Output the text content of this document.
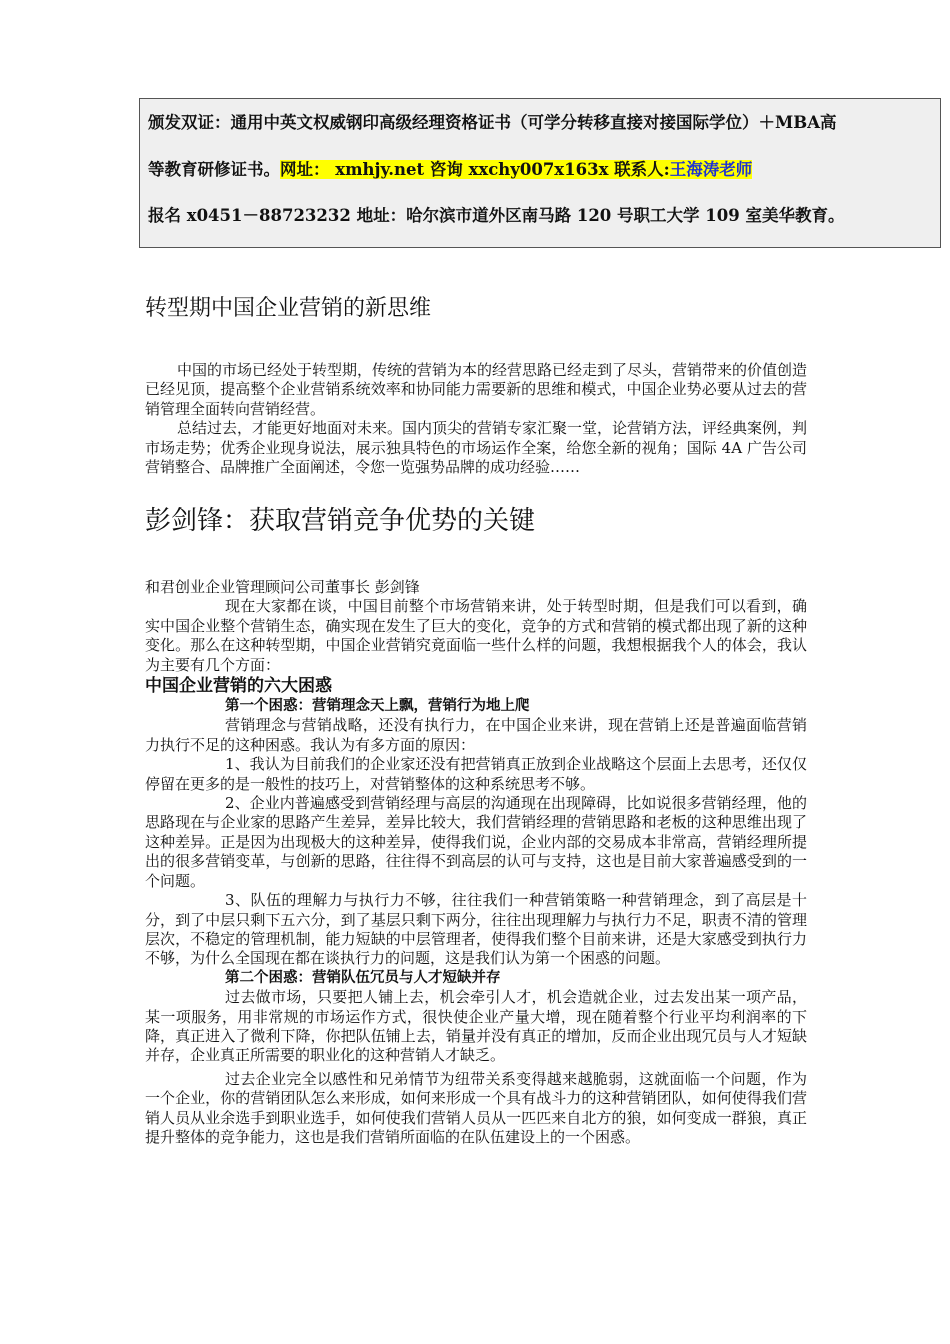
颁发双证：通用中英文权威钢印高级经理资格证书（可学分转移直接对接国际学位）＋MBA高
等教育研修证书。网址： xmhjy.net 咨询 xxchy007x163x 联系人:王海涛老师
报名 x0451－88723232 地址：哈尔滨市道外区南马路 120 号职工大学 109 室美华教育。
转型期中国企业营销的新思维

中国的市场已经处于转型期，传统的营销为本的经营思路已经走到了尽头，营销带来的价值创造已经见顶，提高整个企业营销系统效率和协同能力需要新的思维和模式，中国企业势必要从过去的营销管理全面转向营销经营。

总结过去，才能更好地面对未来。国内顶尖的营销专家汇聚一堂，论营销方法，评经典案例，判市场走势；优秀企业现身说法，展示独具特色的市场运作全案，给您全新的视角；国际 4A 广告公司营销整合、品牌推广全面阐述，令您一览强势品牌的成功经验……

彭剑锋：获取营销竞争优势的关键

和君创业企业管理顾问公司董事长 彭剑锋

现在大家都在谈，中国目前整个市场营销来讲，处于转型时期，但是我们可以看到，确实中国企业整个营销生态，确实现在发生了巨大的变化，竞争的方式和营销的模式都出现了新的这种变化。那么在这种转型期，中国企业营销究竟面临一些什么样的问题，我想根据我个人的体会，我认为主要有几个方面：

中国企业营销的六大困惑

第一个困惑：营销理念天上飘，营销行为地上爬

营销理念与营销战略，还没有执行力，在中国企业来讲，现在营销上还是普遍面临营销力执行不足的这种困惑。我认为有多方面的原因：

1、我认为目前我们的企业家还没有把营销真正放到企业战略这个层面上去思考，还仅仅停留在更多的是一般性的技巧上，对营销整体的这种系统思考不够。

2、企业内普遍感受到营销经理与高层的沟通现在出现障碍，比如说很多营销经理，他的思路现在与企业家的思路产生差异，差异比较大，我们营销经理的营销思路和老板的这种思维出现了这种差异。正是因为出现极大的这种差异，使得我们说，企业内部的交易成本非常高，营销经理所提出的很多营销变革，与创新的思路，往往得不到高层的认可与支持，这也是目前大家普遍感受到的一个问题。

3、队伍的理解力与执行力不够，往往我们一种营销策略一种营销理念，到了高层是十分，到了中层只剩下五六分，到了基层只剩下两分，往往出现理解力与执行力不足，职责不清的管理层次，不稳定的管理机制，能力短缺的中层管理者，使得我们整个目前来讲，还是大家感受到执行力不够，为什么全国现在都在谈执行力的问题，这是我们认为第一个困惑的问题。

第二个困惑：营销队伍冗员与人才短缺并存

过去做市场，只要把人铺上去，机会牵引人才，机会造就企业，过去发出某一项产品，某一项服务，用非常规的市场运作方式，很快使企业产量大增，现在随着整个行业平均利润率的下降，真正进入了微利下降，你把队伍铺上去，销量并没有真正的增加，反而企业出现冗员与人才短缺并存，企业真正所需要的职业化的这种营销人才缺乏。

过去企业完全以感性和兄弟情节为纽带关系变得越来越脆弱，这就面临一个问题，作为一个企业，你的营销团队怎么来形成，如何来形成一个具有战斗力的这种营销团队，如何使得我们营销人员从业余选手到职业选手，如何使我们营销人员从一匹匹来自北方的狼，如何变成一群狼，真正提升整体的竞争能力，这也是我们营销所面临的在队伍建设上的一个困惑。
